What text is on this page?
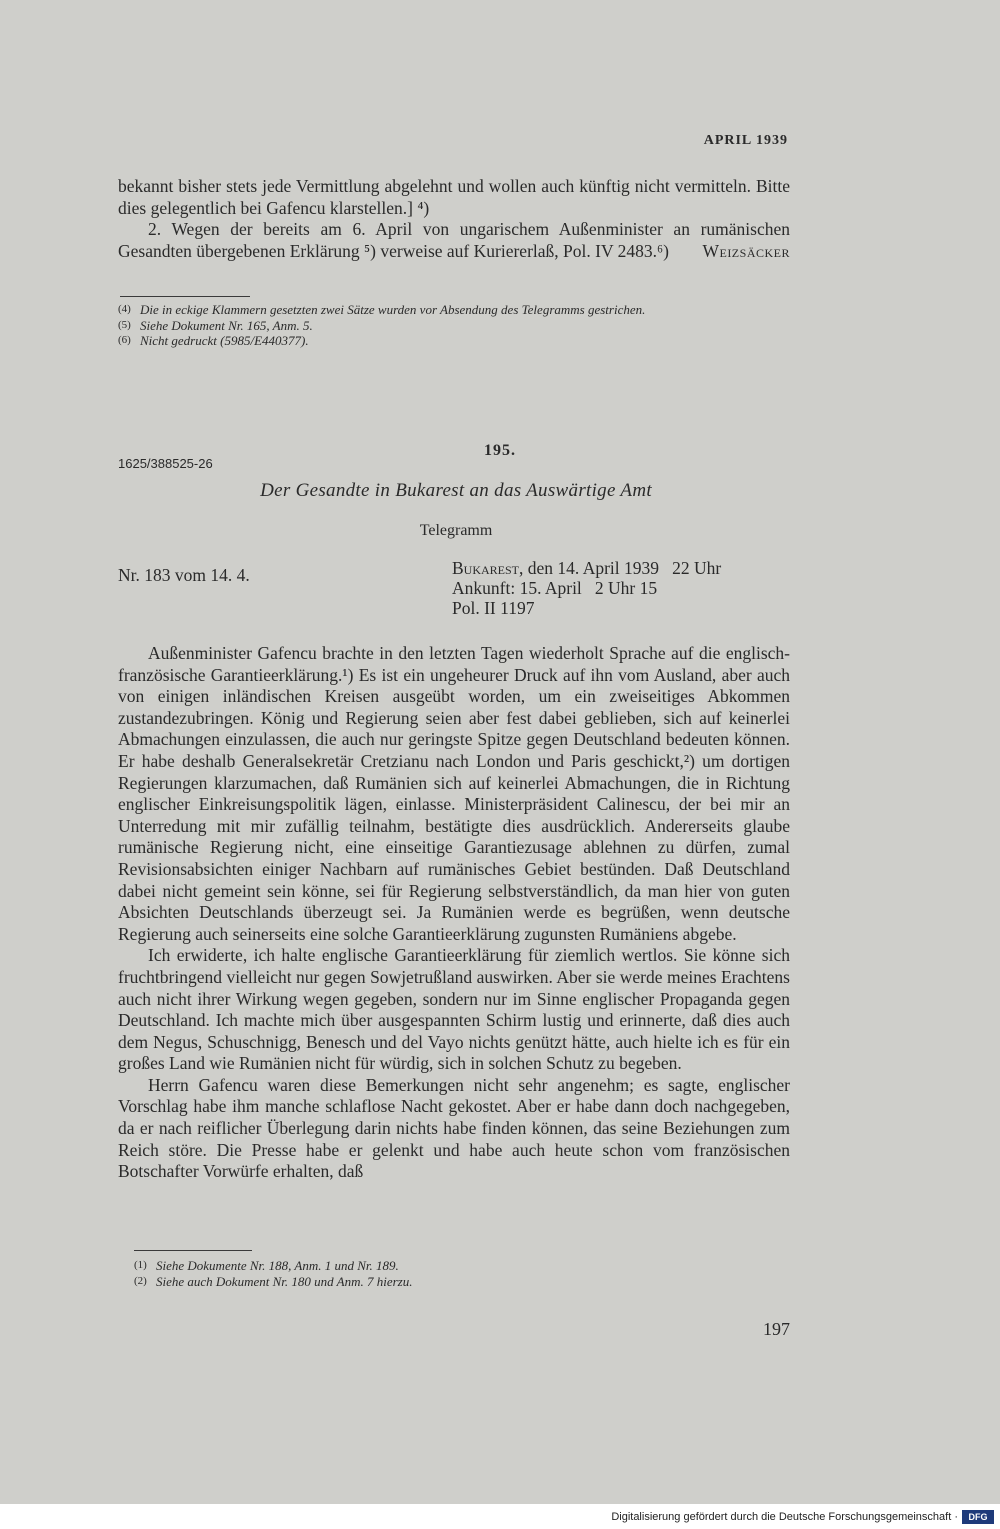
APRIL 1939

bekannt bisher stets jede Vermittlung abgelehnt und wollen auch künftig nicht vermitteln. Bitte dies gelegentlich bei Gafencu klarstellen.] ⁴)

2. Wegen der bereits am 6. April von ungarischem Außenminister an rumänischen Gesandten übergebenen Erklärung ⁵) verweise auf Kuriererlaß, Pol. IV 2483.⁶)	Weizsäcker

(4) Die in eckige Klammern gesetzten zwei Sätze wurden vor Absendung des Telegramms gestrichen.
(5) Siehe Dokument Nr. 165, Anm. 5.
(6) Nicht gedruckt (5985/E440377).
1625/388525-26
195.
Der Gesandte in Bukarest an das Auswärtige Amt
Telegramm
Nr. 183 vom 14. 4.	Bukarest, den 14. April 1939   22 Uhr
Ankunft: 15. April   2 Uhr 15
Pol. II 1197

Außenminister Gafencu brachte in den letzten Tagen wiederholt Sprache auf die englisch-französische Garantieerklärung.¹) Es ist ein ungeheurer Druck auf ihn vom Ausland, aber auch von einigen inländischen Kreisen ausgeübt worden, um ein zweiseitiges Abkommen zustandezubringen. König und Regierung seien aber fest dabei geblieben, sich auf keinerlei Abmachungen einzulassen, die auch nur geringste Spitze gegen Deutschland bedeuten können. Er habe deshalb Generalsekretär Cretzianu nach London und Paris geschickt,²) um dortigen Regierungen klarzumachen, daß Rumänien sich auf keinerlei Abmachungen, die in Richtung englischer Einkreisungspolitik lägen, einlasse. Ministerpräsident Calinescu, der bei mir an Unterredung mit mir zufällig teilnahm, bestätigte dies ausdrücklich. Andererseits glaube rumänische Regierung nicht, eine einseitige Garantiezusage ablehnen zu dürfen, zumal Revisionsabsichten einiger Nachbarn auf rumänisches Gebiet bestünden. Daß Deutschland dabei nicht gemeint sein könne, sei für Regierung selbstverständlich, da man hier von guten Absichten Deutschlands überzeugt sei. Ja Rumänien werde es begrüßen, wenn deutsche Regierung auch seinerseits eine solche Garantieerklärung zugunsten Rumäniens abgebe.

Ich erwiderte, ich halte englische Garantieerklärung für ziemlich wertlos. Sie könne sich fruchtbringend vielleicht nur gegen Sowjetrußland auswirken. Aber sie werde meines Erachtens auch nicht ihrer Wirkung wegen gegeben, sondern nur im Sinne englischer Propaganda gegen Deutschland. Ich machte mich über ausgespannten Schirm lustig und erinnerte, daß dies auch dem Negus, Schuschnigg, Benesch und del Vayo nichts genützt hätte, auch hielte ich es für ein großes Land wie Rumänien nicht für würdig, sich in solchen Schutz zu begeben.

Herrn Gafencu waren diese Bemerkungen nicht sehr angenehm; es sagte, englischer Vorschlag habe ihm manche schlaflose Nacht gekostet. Aber er habe dann doch nachgegeben, da er nach reiflicher Überlegung darin nichts habe finden können, das seine Beziehungen zum Reich störe. Die Presse habe er gelenkt und habe auch heute schon vom französischen Botschafter Vorwürfe erhalten, daß

(1) Siehe Dokumente Nr. 188, Anm. 1 und Nr. 189.
(2) Siehe auch Dokument Nr. 180 und Anm. 7 hierzu.
197
Digitalisierung gefördert durch die Deutsche Forschungsgemeinschaft ·	DFG
